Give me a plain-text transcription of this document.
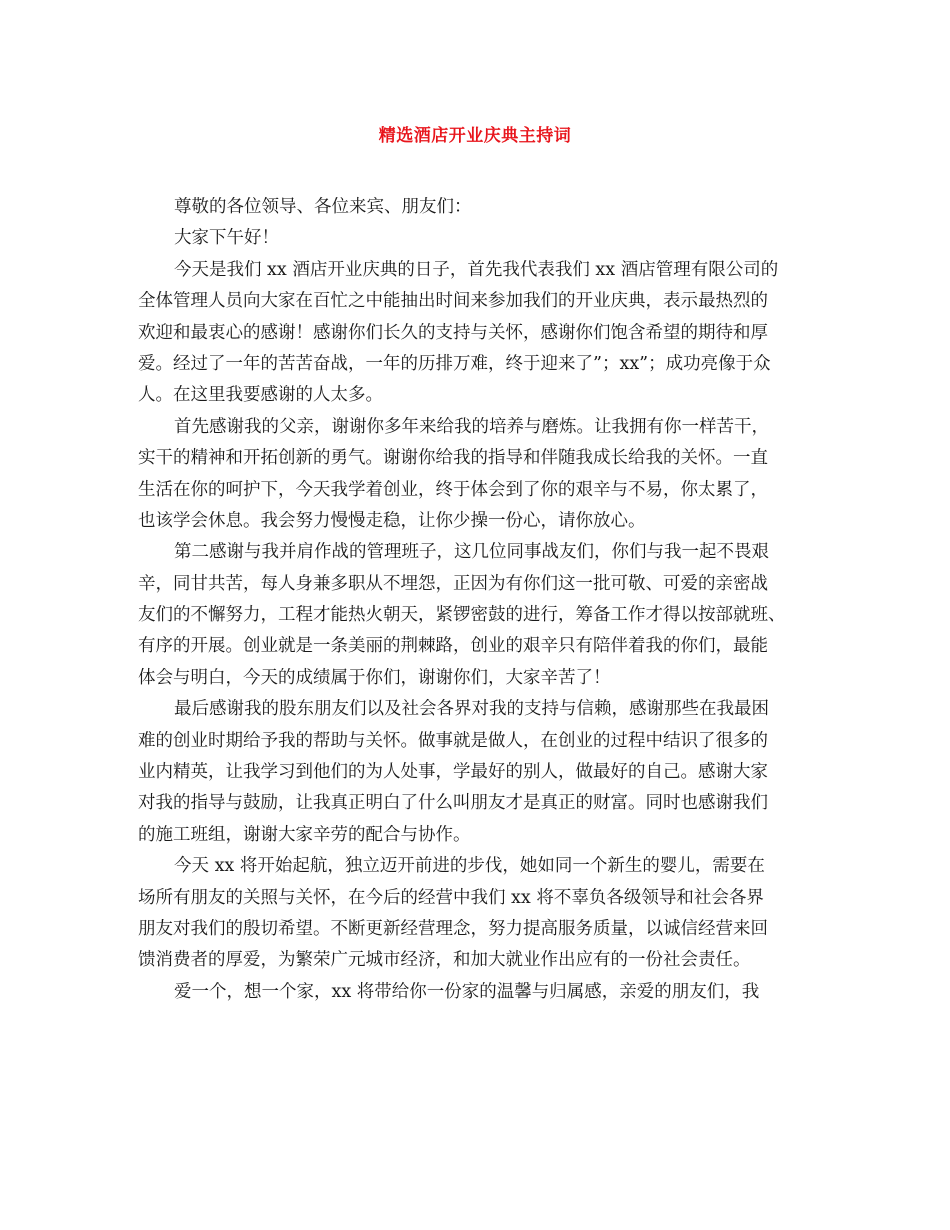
精选酒店开业庆典主持词
尊敬的各位领导、各位来宾、朋友们：
大家下午好！
今天是我们 xx 酒店开业庆典的日子，首先我代表我们 xx 酒店管理有限公司的
全体管理人员向大家在百忙之中能抽出时间来参加我们的开业庆典，表示最热烈的
欢迎和最衷心的感谢！感谢你们长久的支持与关怀，感谢你们饱含希望的期待和厚
爱。经过了一年的苦苦奋战，一年的历排万难，终于迎来了”；xx”；成功亮像于众
人。在这里我要感谢的人太多。
首先感谢我的父亲，谢谢你多年来给我的培养与磨炼。让我拥有你一样苦干，
实干的精神和开拓创新的勇气。谢谢你给我的指导和伴随我成长给我的关怀。一直
生活在你的呵护下，今天我学着创业，终于体会到了你的艰辛与不易，你太累了，
也该学会休息。我会努力慢慢走稳，让你少操一份心，请你放心。
第二感谢与我并肩作战的管理班子，这几位同事战友们，你们与我一起不畏艰
辛，同甘共苦，每人身兼多职从不埋怨，正因为有你们这一批可敬、可爱的亲密战
友们的不懈努力，工程才能热火朝天，紧锣密鼓的进行，筹备工作才得以按部就班、
有序的开展。创业就是一条美丽的荆棘路，创业的艰辛只有陪伴着我的你们，最能
体会与明白，今天的成绩属于你们，谢谢你们，大家辛苦了！
最后感谢我的股东朋友们以及社会各界对我的支持与信赖，感谢那些在我最困
难的创业时期给予我的帮助与关怀。做事就是做人，在创业的过程中结识了很多的
业内精英，让我学习到他们的为人处事，学最好的别人，做最好的自己。感谢大家
对我的指导与鼓励，让我真正明白了什么叫朋友才是真正的财富。同时也感谢我们
的施工班组，谢谢大家辛劳的配合与协作。
今天 xx 将开始起航，独立迈开前进的步伐，她如同一个新生的婴儿，需要在
场所有朋友的关照与关怀，在今后的经营中我们 xx 将不辜负各级领导和社会各界
朋友对我们的殷切希望。不断更新经营理念，努力提高服务质量，以诚信经营来回
馈消费者的厚爱，为繁荣广元城市经济，和加大就业作出应有的一份社会责任。
爱一个，想一个家，xx 将带给你一份家的温馨与归属感，亲爱的朋友们，我
